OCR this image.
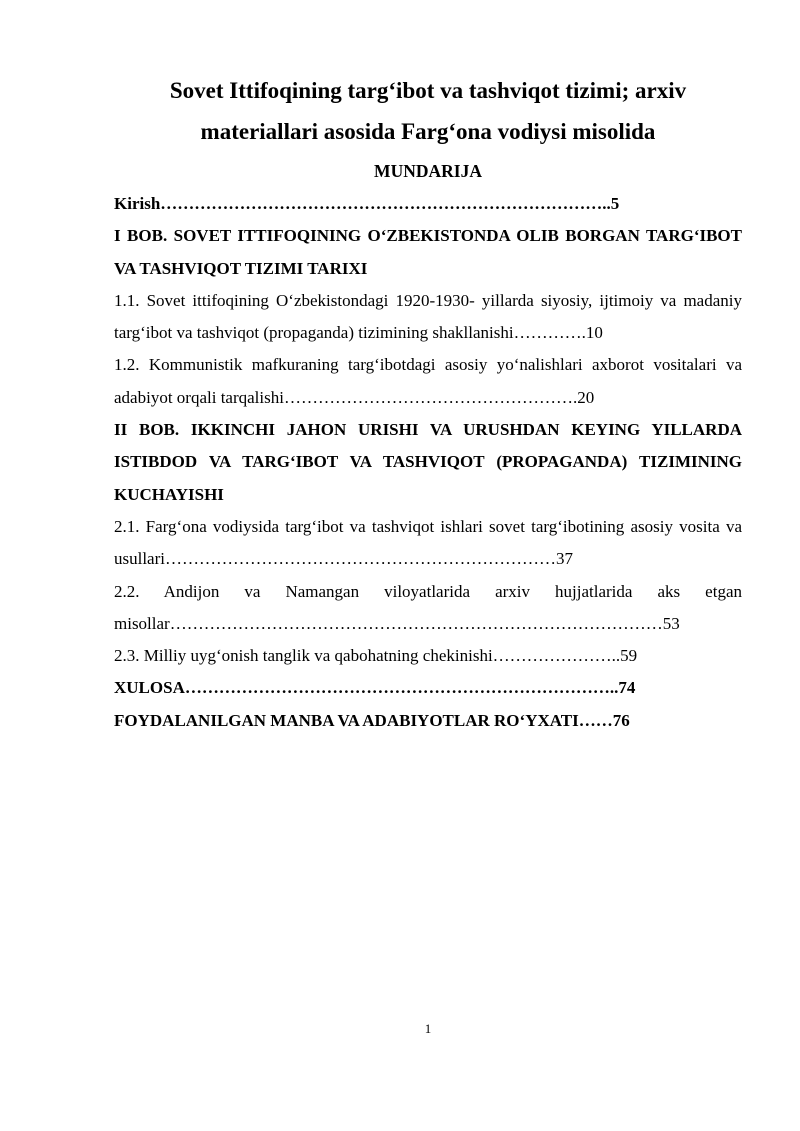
Sovet Ittifoqining targ‘ibot va tashviqot tizimi; arxiv
materiallari asosida Farg‘ona vodiysi misolida
MUNDARIJA

Kirish……………………………………………………………………..5

I BOB. SOVET ITTIFOQINING O‘ZBEKISTONDA OLIB BORGAN TARG‘IBOT VA TASHVIQOT TIZIMI TARIXI

1.1. Sovet ittifoqining O‘zbekistondagi 1920-1930- yillarda siyosiy, ijtimoiy va madaniy targ‘ibot va tashviqot (propaganda) tizimining shakllanishi………….10

1.2. Kommunistik mafkuraning targ‘ibotdagi asosiy yo‘nalishlari axborot vositalari va adabiyot orqali tarqalishi…………………………………………….20

II BOB. IKKINCHI JAHON URISHI VA URUSHDAN KEYING YILLARDA ISTIBDOD VA TARG‘IBOT VA TASHVIQOT (PROPAGANDA) TIZIMINING KUCHAYISHI

2.1. Farg‘ona vodiysida targ‘ibot va tashviqot ishlari sovet targ‘ibotining asosiy vosita va usullari……………………………………………………………37

2.2. Andijon va Namangan viloyatlarida arxiv hujjatlarida aks etgan misollar……………………………………………………………………………53

2.3. Milliy uyg‘onish tanglik va qabohatning chekinishi…………………..59

XULOSA…………………………………………………………………..74

FOYDALANILGAN MANBA VA ADABIYOTLAR RO‘YXATI……76

1
